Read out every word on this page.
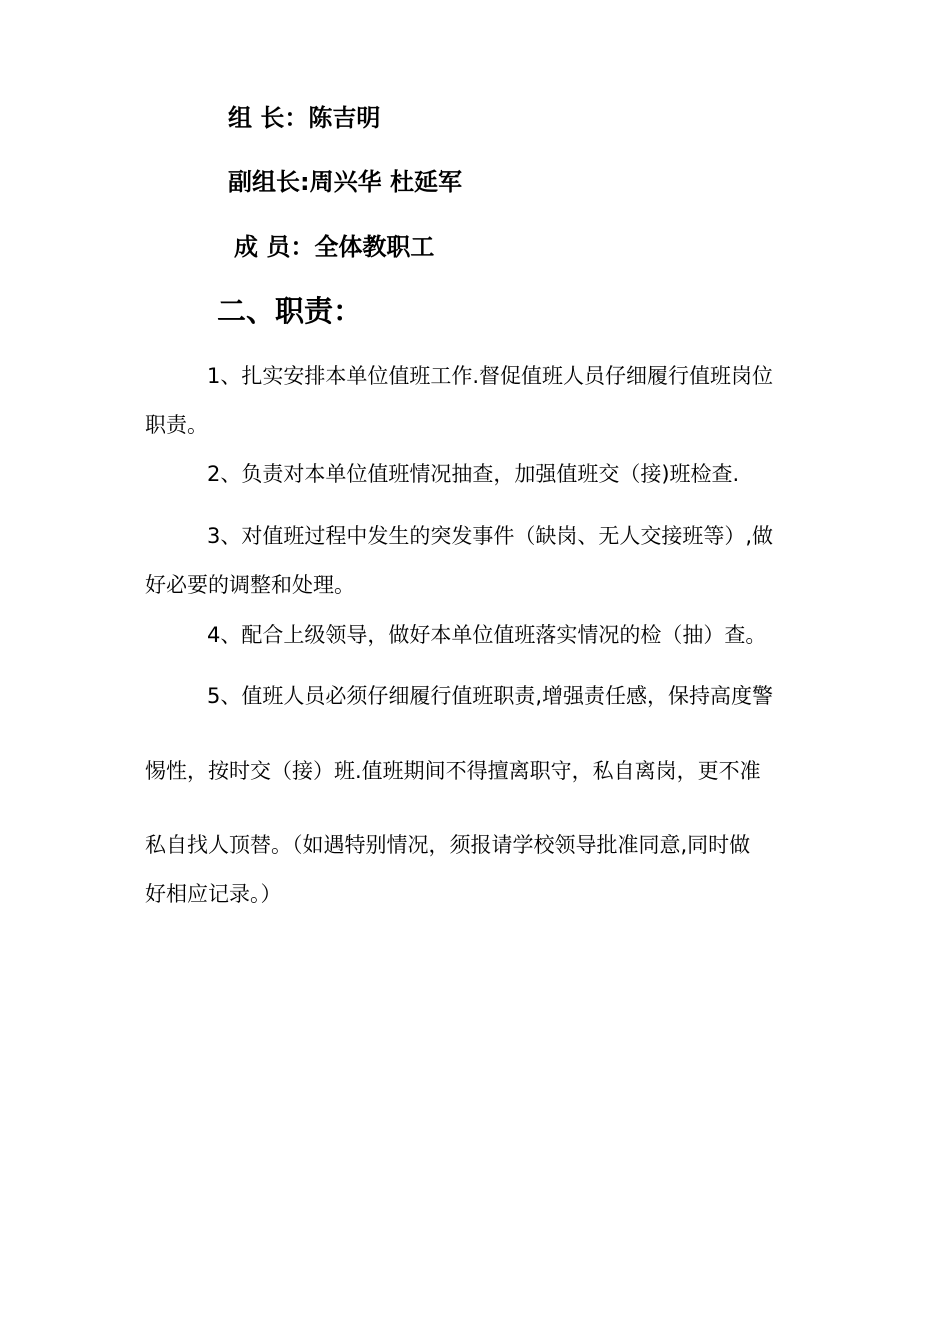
组 长：陈吉明
副组长:周兴华 杜延军
成 员：全体教职工
二、职责：
1、扎实安排本单位值班工作.督促值班人员仔细履行值班岗位
职责。
2、负责对本单位值班情况抽查，加强值班交（接)班检查.
3、对值班过程中发生的突发事件（缺岗、无人交接班等）,做
好必要的调整和处理。
4、配合上级领导，做好本单位值班落实情况的检（抽）查。
5、值班人员必须仔细履行值班职责,增强责任感，保持高度警
惕性，按时交（接）班.值班期间不得擅离职守，私自离岗，更不准
私自找人顶替。（如遇特别情况，须报请学校领导批准同意,同时做
好相应记录。）
